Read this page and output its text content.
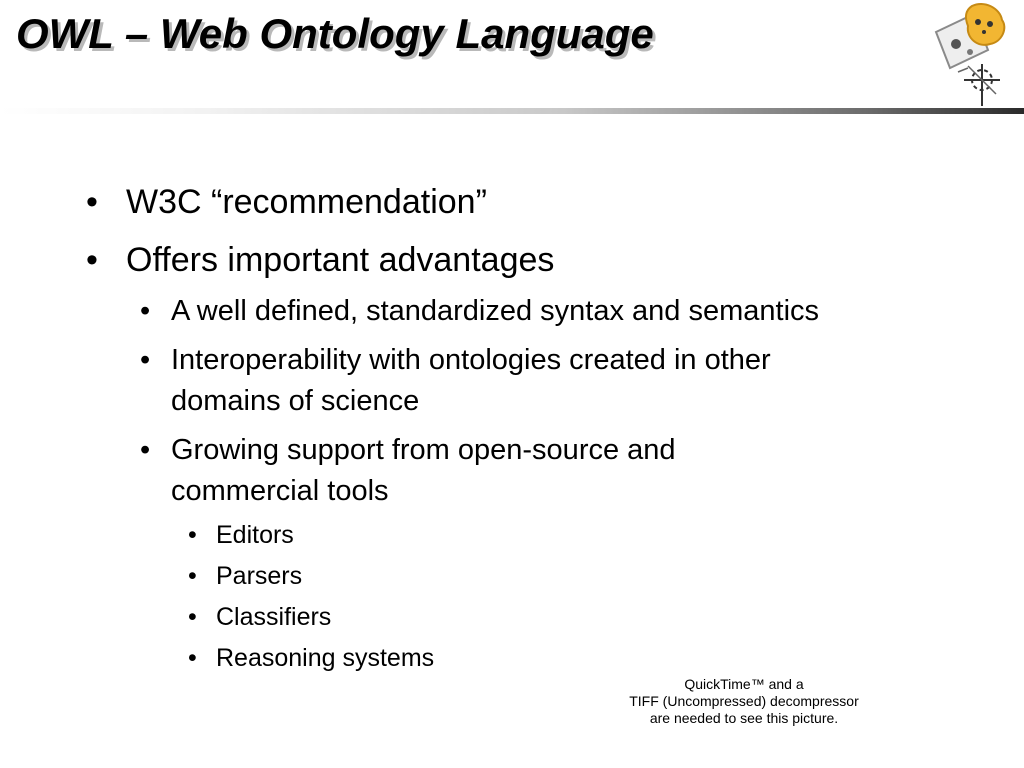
OWL – Web Ontology Language
• W3C “recommendation”
• Offers important advantages
• A well defined, standardized syntax and semantics
• Interoperability with ontologies created in other
domains of science
• Growing support from open-source and
commercial tools
• Editors
• Parsers
• Classifiers
• Reasoning systems
QuickTime™ and a
TIFF (Uncompressed) decompressor
are needed to see this picture.
